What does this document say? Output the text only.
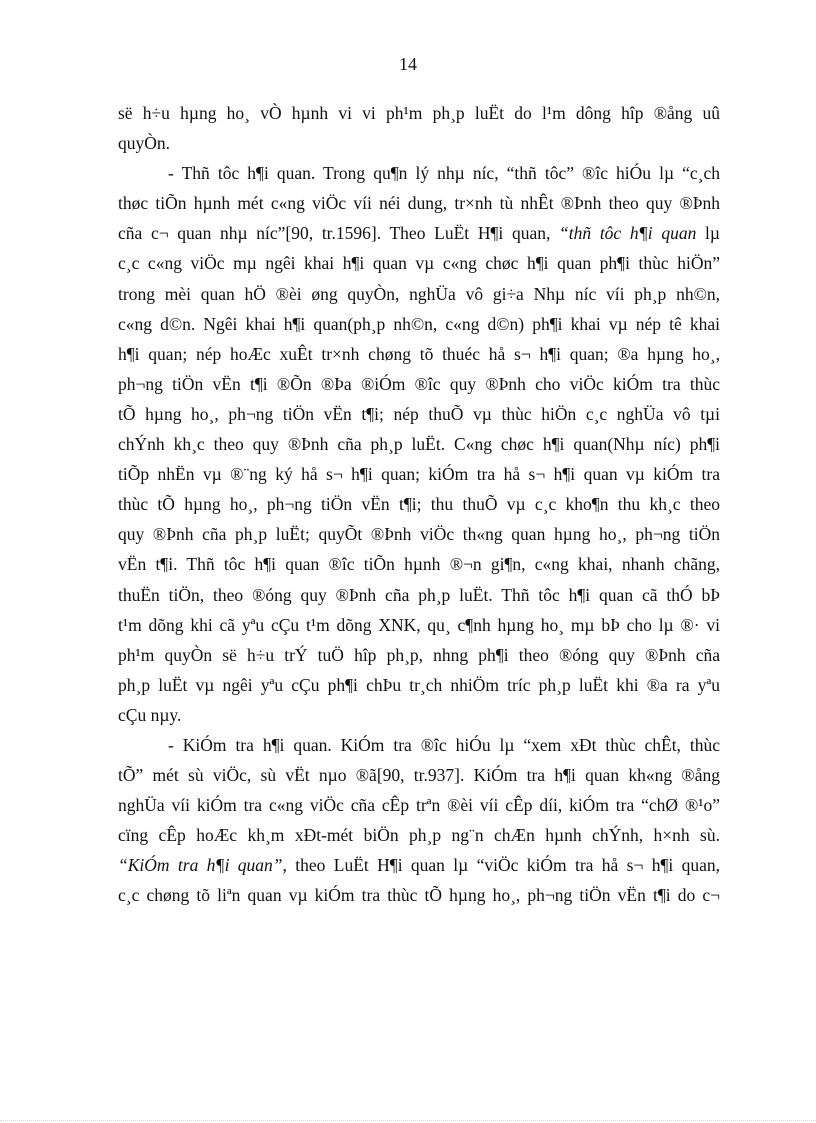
14
së h÷u hµng ho¸ vÒ hµnh vi vi ph¹m ph¸p luËt do l¹m dông hîp ®ång uû
quyÒn.
- Thñ tôc h¶i quan. Trong qu¶n lý nhµ níc, “thñ tôc” ®îc hiÓu lµ “c¸ch
thøc tiÕn hµnh mét c«ng viÖc víi néi dung, tr×nh tù nhÊt ®Þnh theo quy ®Þnh
cña c¬ quan nhµ níc”[90, tr.1596]. Theo LuËt H¶i quan, “thñ tôc h¶i quan lµ
c¸c c«ng viÖc mµ ngêi khai h¶i quan vµ c«ng chøc h¶i quan ph¶i thùc hiÖn”
trong mèi quan hÖ ®èi øng quyÒn, nghÜa vô gi÷a Nhµ níc víi ph¸p nh©n,
c«ng d©n. Ngêi khai h¶i quan(ph¸p nh©n, c«ng d©n) ph¶i khai vµ nép tê khai
h¶i quan; nép hoÆc xuÊt tr×nh chøng tõ thuéc hå s¬ h¶i quan; ®a hµng ho¸,
ph¬ng tiÖn vËn t¶i ®Õn ®Þa ®iÓm ®îc quy ®Þnh cho viÖc kiÓm tra thùc
tÕ hµng ho¸, ph¬ng tiÖn vËn t¶i; nép thuÕ vµ thùc hiÖn c¸c nghÜa vô tµi
chÝnh kh¸c theo quy ®Þnh cña ph¸p luËt. C«ng chøc h¶i quan(Nhµ níc) ph¶i
tiÕp nhËn vµ ®¨ng ký hå s¬ h¶i quan; kiÓm tra hå s¬ h¶i quan vµ kiÓm tra
thùc tÕ hµng ho¸, ph¬ng tiÖn vËn t¶i; thu thuÕ vµ c¸c kho¶n thu kh¸c theo
quy ®Þnh cña ph¸p luËt; quyÕt ®Þnh viÖc th«ng quan hµng ho¸, ph¬ng tiÖn
vËn t¶i. Thñ tôc h¶i quan ®îc tiÕn hµnh ®¬n gi¶n, c«ng khai, nhanh chãng,
thuËn tiÖn, theo ®óng quy ®Þnh cña ph¸p luËt. Thñ tôc h¶i quan cã thÓ bÞ
t¹m dõng khi cã yªu cÇu t¹m dõng XNK, qu¸ c¶nh hµng ho¸ mµ bÞ cho lµ ®· vi
ph¹m quyÒn së h÷u trÝ tuÖ hîp ph¸p, nhng ph¶i theo ®óng quy ®Þnh cña
ph¸p luËt vµ ngêi yªu cÇu ph¶i chÞu tr¸ch nhiÖm tríc ph¸p luËt khi ®a ra yªu
cÇu nµy.
- KiÓm tra h¶i quan. KiÓm tra ®îc hiÓu lµ “xem xÐt thùc chÊt, thùc
tÕ” mét sù viÖc, sù vËt nµo ®ã[90, tr.937]. KiÓm tra h¶i quan kh«ng ®ång
nghÜa víi kiÓm tra c«ng viÖc cña cÊp trªn ®èi víi cÊp díi, kiÓm tra “chØ ®¹o”
cïng cÊp hoÆc kh¸m xÐt-mét biÖn ph¸p ng¨n chÆn hµnh chÝnh, h×nh sù.
“KiÓm tra h¶i quan”, theo LuËt H¶i quan lµ “viÖc kiÓm tra hå s¬ h¶i quan,
c¸c chøng tõ liªn quan vµ kiÓm tra thùc tÕ hµng ho¸, ph¬ng tiÖn vËn t¶i do c¬
